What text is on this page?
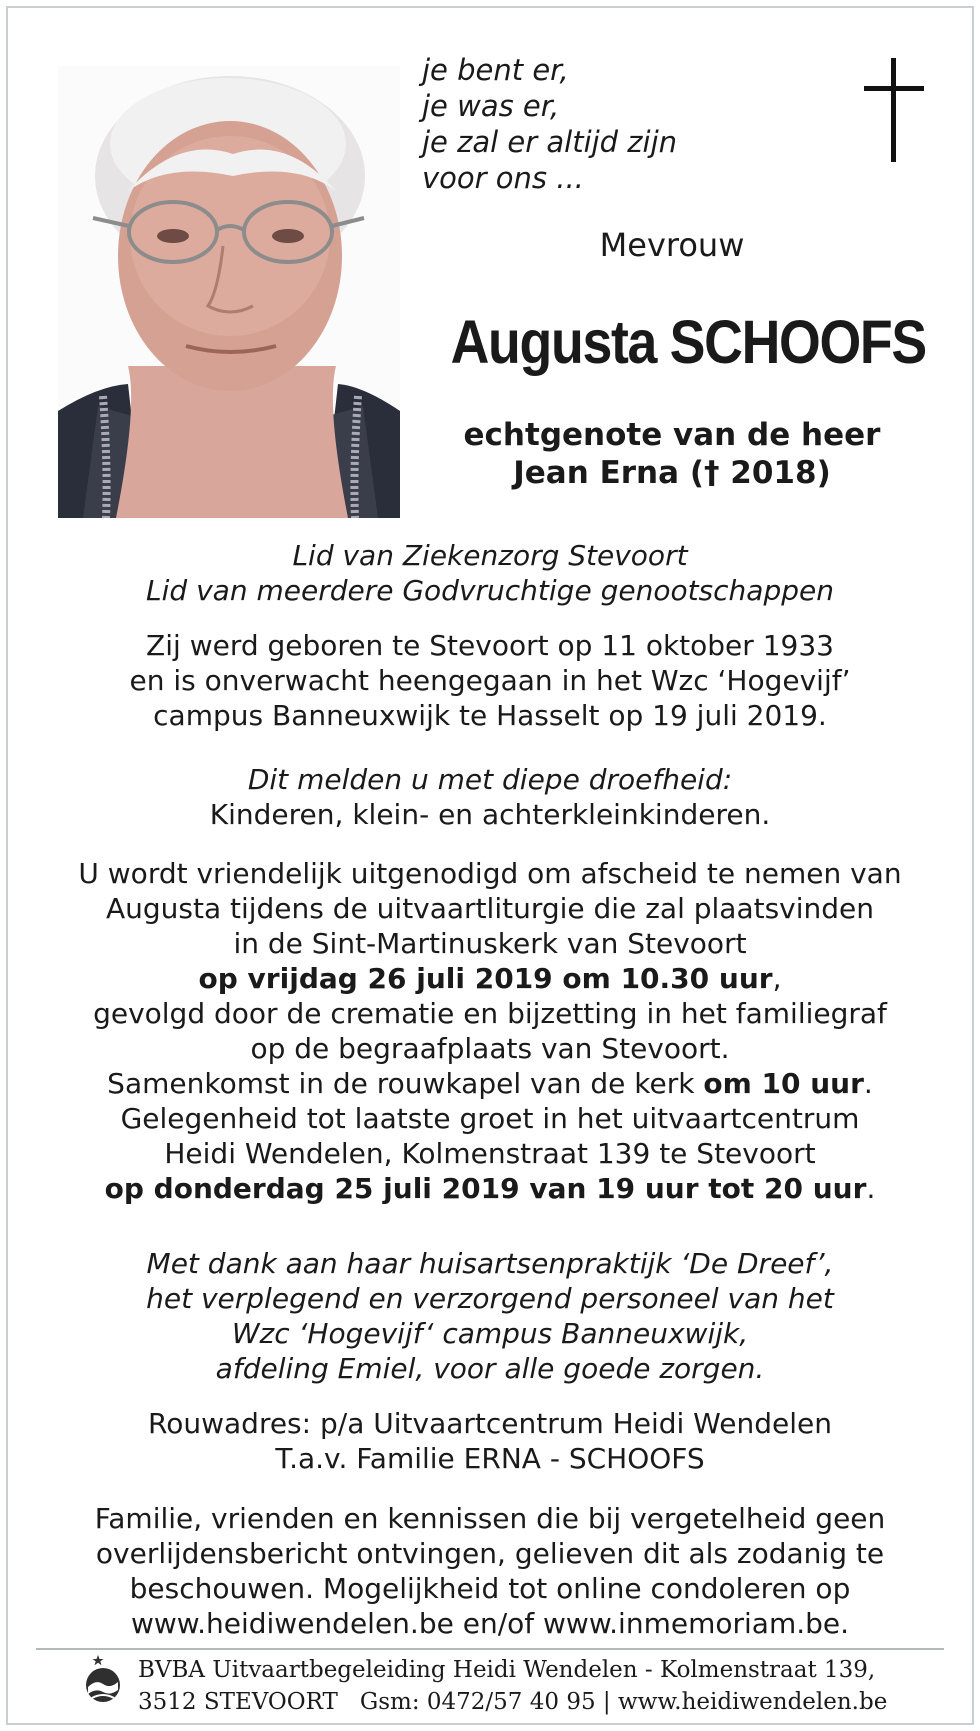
je bent er,
je was er,
je zal er altijd zijn
voor ons ...
Mevrouw
Augusta SCHOOFS
echtgenote van de heer
Jean Erna († 2018)
Lid van Ziekenzorg Stevoort
Lid van meerdere Godvruchtige genootschappen
Zij werd geboren te Stevoort op 11 oktober 1933
en is onverwacht heengegaan in het Wzc ‘Hogevijf’
campus Banneuxwijk te Hasselt op 19 juli 2019.
Dit melden u met diepe droefheid:
Kinderen, klein- en achterkleinkinderen.
U wordt vriendelijk uitgenodigd om afscheid te nemen van
Augusta tijdens de uitvaartliturgie die zal plaatsvinden
in de Sint-Martinuskerk van Stevoort
op vrijdag 26 juli 2019 om 10.30 uur,
gevolgd door de crematie en bijzetting in het familiegraf
op de begraafplaats van Stevoort.
Samenkomst in de rouwkapel van de kerk om 10 uur.
Gelegenheid tot laatste groet in het uitvaartcentrum
Heidi Wendelen, Kolmenstraat 139 te Stevoort
op donderdag 25 juli 2019 van 19 uur tot 20 uur.
Met dank aan haar huisartsenpraktijk ‘De Dreef’,
het verplegend en verzorgend personeel van het
Wzc ‘Hogevijf‘ campus Banneuxwijk,
afdeling Emiel, voor alle goede zorgen.
Rouwadres: p/a Uitvaartcentrum Heidi Wendelen
T.a.v. Familie ERNA - SCHOOFS
Familie, vrienden en kennissen die bij vergetelheid geen
overlijdensbericht ontvingen, gelieven dit als zodanig te
beschouwen. Mogelijkheid tot online condoleren op
www.heidiwendelen.be en/of www.inmemoriam.be.
BVBA Uitvaartbegeleiding Heidi Wendelen - Kolmenstraat 139,
3512 STEVOORT   Gsm: 0472/57 40 95 | www.heidiwendelen.be
